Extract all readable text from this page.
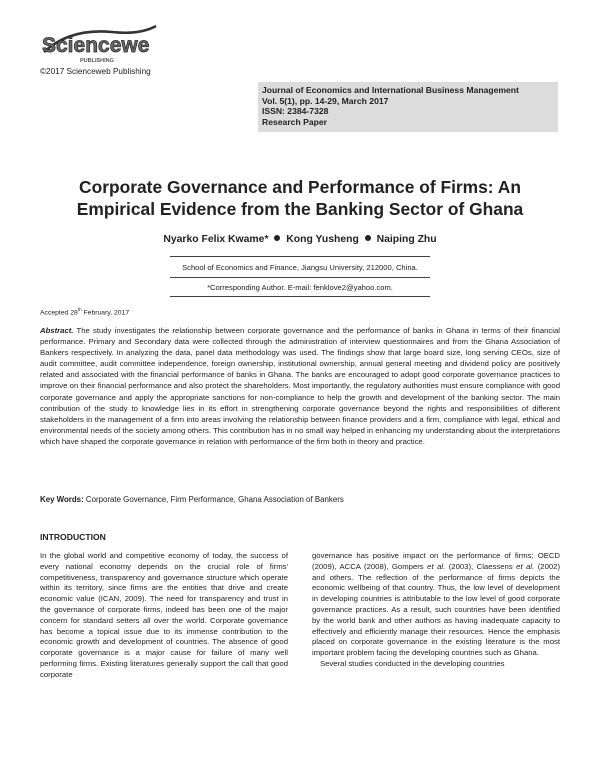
Sciencewe
PUBLISHING
©2017 Scienceweb Publishing
Journal of Economics and International Business Management
Vol. 5(1), pp. 14-29, March 2017
ISSN: 2384-7328
Research Paper
Corporate Governance and Performance of Firms: An
Empirical Evidence from the Banking Sector of Ghana
Nyarko Felix Kwame* Kong Yusheng Naiping Zhu
School of Economics and Finance, Jiangsu University, 212000, China.
*Corresponding Author. E-mail: fenklove2@yahoo.com.
Accepted 28th February, 2017

Abstract. The study investigates the relationship between corporate governance and the performance of banks in Ghana in terms of their financial performance. Primary and Secondary data were collected through the administration of interview questionnaires and from the Ghana Association of Bankers respectively. In analyzing the data, panel data methodology was used. The findings show that large board size, long serving CEOs, size of audit committee, audit committee independence, foreign ownership, institutional ownership, annual general meeting and dividend policy are positively related and associated with the financial performance of banks in Ghana. The banks are encouraged to adopt good corporate governance practices to improve on their financial performance and also protect the shareholders. Most importantly, the regulatory authorities must ensure compliance with good corporate governance and apply the appropriate sanctions for non-compliance to help the growth and development of the banking sector. The main contribution of the study to knowledge lies in its effort in strengthening corporate governance beyond the rights and responsibilities of different stakeholders in the management of a firm into areas involving the relationship between finance providers and a firm, compliance with legal, ethical and environmental needs of the society among others. This contribution has in no small way helped in enhancing my understanding about the interpretations which have shaped the corporate governance in relation with performance of the firm both in theory and practice.

Key Words: Corporate Governance, Firm Performance, Ghana Association of Bankers
INTRODUCTION

In the global world and competitive economy of today, the success of every national economy depends on the crucial role of firms' competitiveness, transparency and governance structure which operate within its territory, since firms are the entities that drive and create economic value (ICAN, 2009). The need for transparency and trust in the governance of corporate firms, indeed has been one of the major concern for standard setters all over the world. Corporate governance has become a topical issue due to its immense contribution to the economic growth and development of countries. The absence of good corporate governance is a major cause for failure of many well performing firms. Existing literatures generally support the call that good corporate

governance has positive impact on the performance of firms; OECD (2009), ACCA (2008), Gompers et al. (2003), Claessens et al. (2002) and others. The reflection of the performance of firms depicts the economic wellbeing of that country. Thus, the low level of development in developing countries is attributable to the low level of good corporate governance practices. As a result, such countries have been identified by the world bank and other authors as having inadequate capacity to effectively and efficiently manage their resources. Hence the emphasis placed on corporate governance in the existing literature is the most important problem facing the developing countries such as Ghana.
Several studies conducted in the developing countries
